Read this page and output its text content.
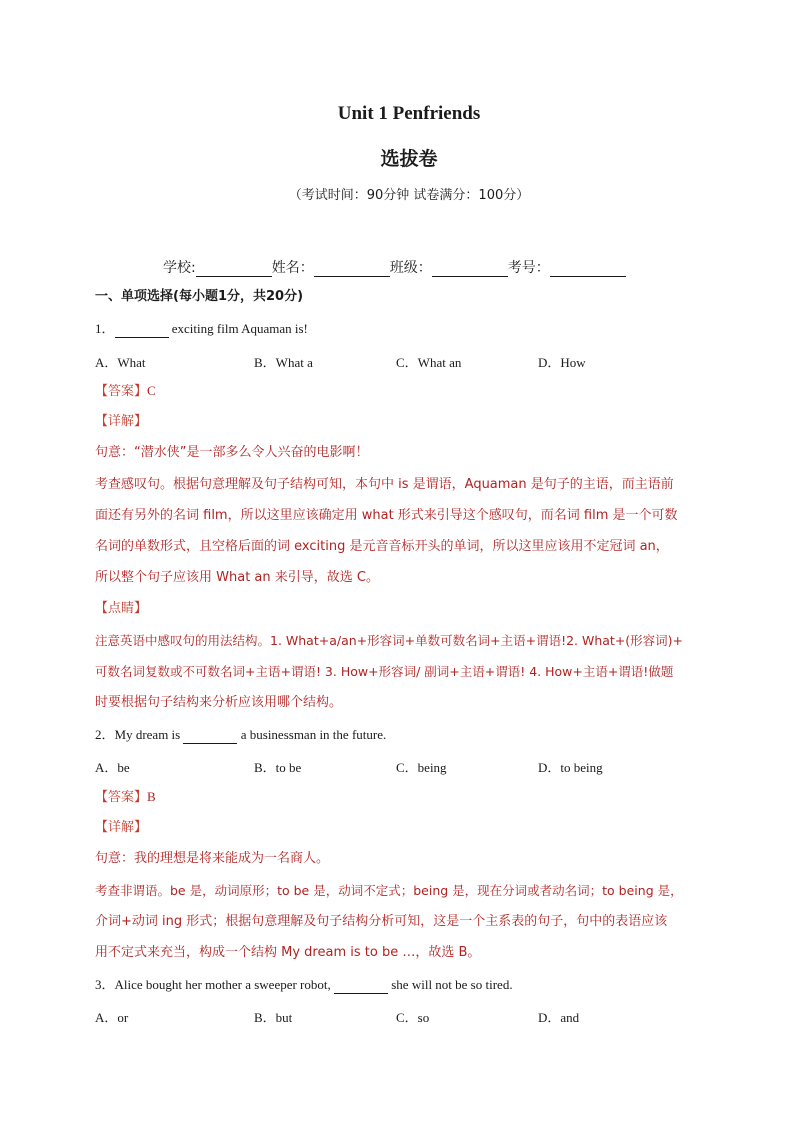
Unit 1 Penfriends
选拔卷
（考试时间：90分钟 试卷满分：100分）
学校:	姓名：	班级：	考号：
一、单项选择(每小题1分，共20分)
1．	exciting film Aquaman is!
A．What	B．What a	C．What an	D．How
【答案】C
【详解】
句意：“潜水侠”是一部多么令人兴奋的电影啊！
考查感叹句。根据句意理解及句子结构可知，本句中 is 是谓语，Aquaman 是句子的主语，而主语前
面还有另外的名词 film，所以这里应该确定用 what 形式来引导这个感叹句，而名词 film 是一个可数
名词的单数形式，且空格后面的词 exciting 是元音音标开头的单词，所以这里应该用不定冠词 an，
所以整个句子应该用 What an 来引导，故选 C。
【点睛】
注意英语中感叹句的用法结构。1. What+a/an+形容词+单数可数名词+主语+谓语!2. What+(形容词)+
可数名词复数或不可数名词+主语+谓语! 3. How+形容词/ 副词+主语+谓语! 4. How+主语+谓语!做题
时要根据句子结构来分析应该用哪个结构。
2．My dream is	a businessman in the future.
A．be	B．to be	C．being	D．to being
【答案】B
【详解】
句意：我的理想是将来能成为一名商人。
考查非谓语。be 是，动词原形；to be 是，动词不定式；being 是，现在分词或者动名词；to being 是，
介词+动词 ing 形式；根据句意理解及句子结构分析可知，这是一个主系表的句子，句中的表语应该
用不定式来充当，构成一个结构 My dream is to be …，故选 B。
3．Alice bought her mother a sweeper robot,	she will not be so tired.
A．or	B．but	C．so	D．and
